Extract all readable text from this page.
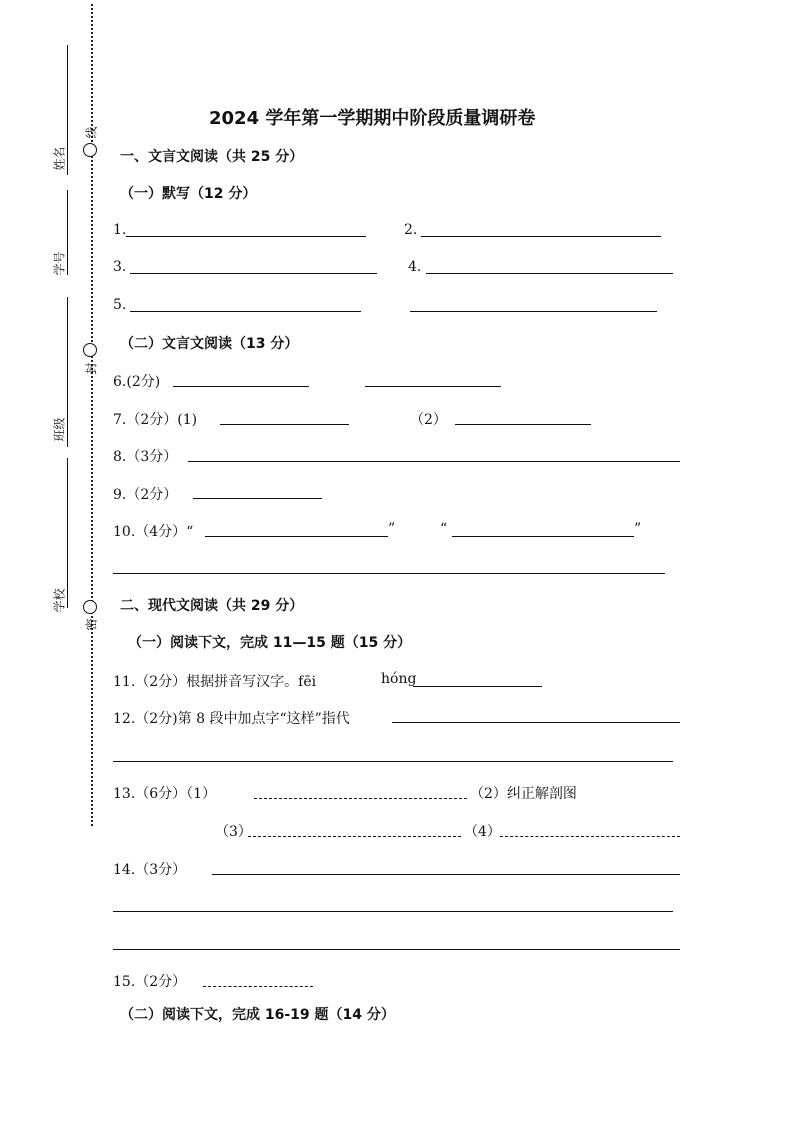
线
封
密
姓名
学号
班级
学校
2024 学年第一学期期中阶段质量调研卷
一、文言文阅读（共 25 分）
（一）默写（12 分）
1.	2.
3.	4.
5.
（二）文言文阅读（13 分）
6.(2分)
7.（2分）(1)	（2）
8.（3分）
9.（2分）
10.（4分）“	”	“	”
二、现代文阅读（共 29 分）
（一）阅读下文，完成 11—15 题（15 分）
11.（2分）根据拼音写汉字。fēi	hóng
12.（2分)第 8 段中加点字“这样”指代
13.（6分）（1）	（2）纠正解剖图
（3）	（4）
14.（3分）
15.（2分）
（二）阅读下文，完成 16-19 题（14 分）
